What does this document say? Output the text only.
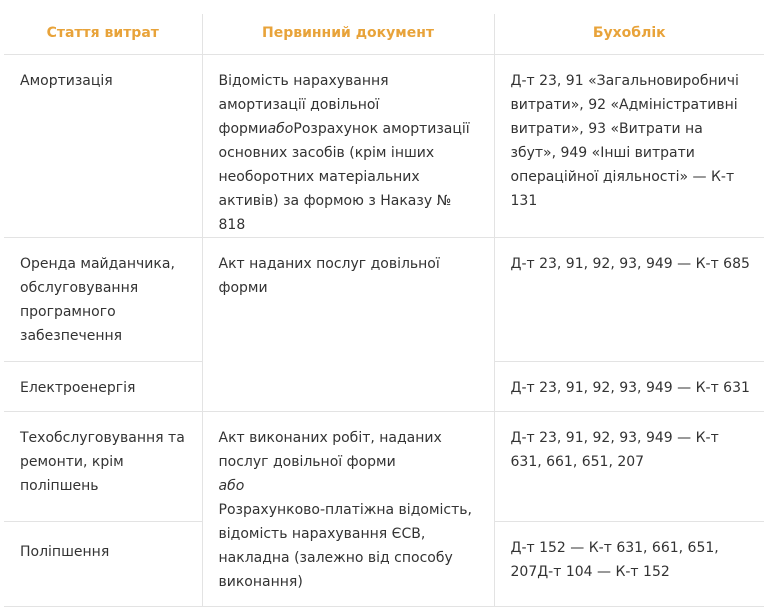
Стаття витрат	Первинний документ	Бухоблік
Амортизація	Відомість нарахування амортизації довільної формиабоРозрахунок амортизації основних засобів (крім інших необоротних матеріальних активів) за формою з Наказу № 818	Д-т 23, 91 «Загальновиробничі витрати», 92 «Адміністративні витрати», 93 «Витрати на збут», 949 «Інші витрати операційної діяльності» — К-т 131
Оренда майданчика, обслуговування програмного забезпечення	Акт наданих послуг довільної форми	Д-т 23, 91, 92, 93, 949 — К-т 685
Електроенергія		Д-т 23, 91, 92, 93, 949 — К-т 631
Техобслуговування та ремонти, крім поліпшень	Акт виконаних робіт, наданих послуг довільної форми
або
Розрахунково-платіжна відомість, відомість нарахування ЄСВ, накладна (залежно від способу виконання)	Д-т 23, 91, 92, 93, 949 — К-т 631, 661, 651, 207
Поліпшення		Д-т 152 — К-т 631, 661, 651, 207Д-т 104 — К-т 152
